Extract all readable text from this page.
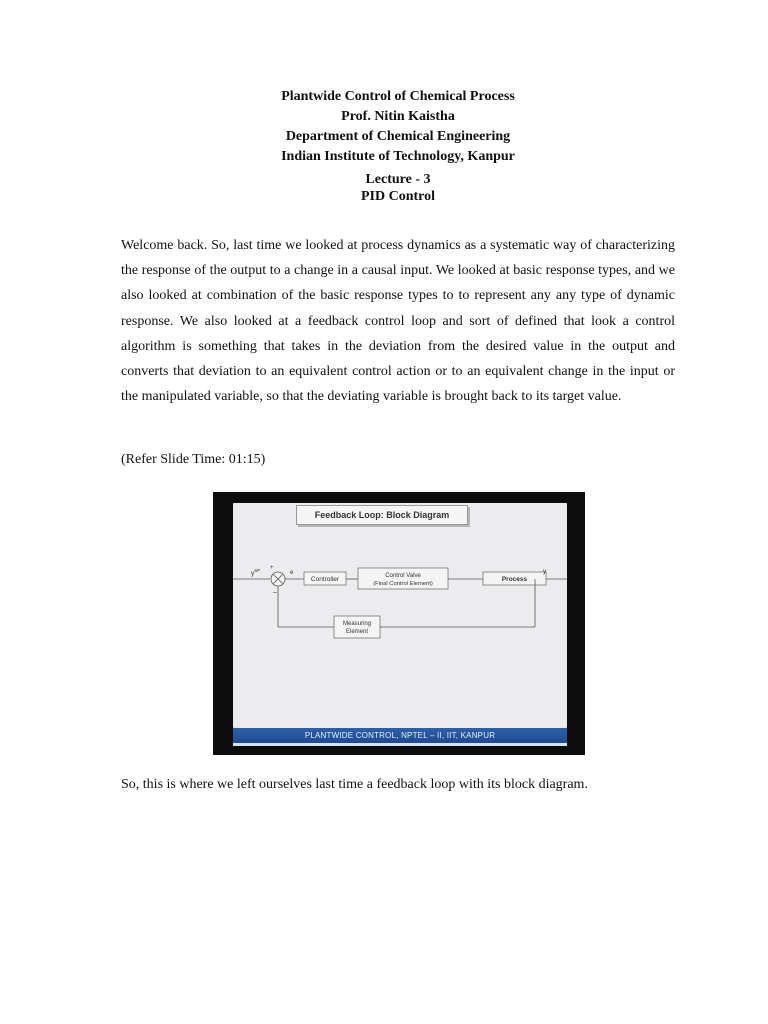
Plantwide Control of Chemical Process
Prof. Nitin Kaistha
Department of Chemical Engineering
Indian Institute of Technology, Kanpur
Lecture - 3
PID Control

Welcome back. So, last time we looked at process dynamics as a systematic way of characterizing the response of the output to a change in a causal input. We looked at basic response types, and we also looked at combination of the basic response types to to represent any any type of dynamic response. We also looked at a feedback control loop and sort of defined that look a control algorithm is something that takes in the deviation from the desired value in the output and converts that deviation to an equivalent control action or to an equivalent change in the input or the manipulated variable, so that the deviating variable is brought back to its target value.

(Refer Slide Time: 01:15)
$y^{SP}$ +
–
e
Controller	Control Valve
(Final Control Element)
Process
y
Measuring
Element
Feedback Loop: Block Diagram
PLANTWIDE CONTROL, NPTEL – II, IIT, KANPUR
So, this is where we left ourselves last time a feedback loop with its block diagram.
